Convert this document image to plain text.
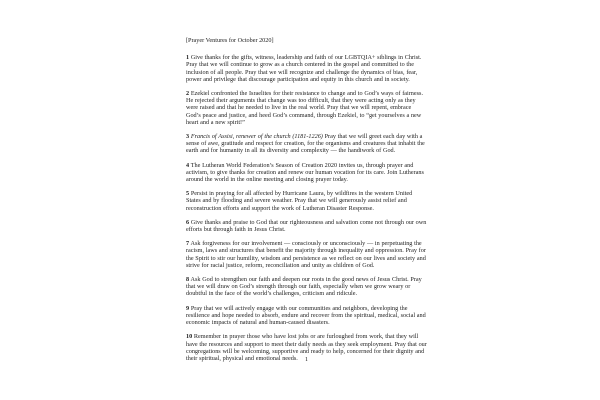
[Prayer Ventures for October 2020]

1 Give thanks for the gifts, witness, leadership and faith of our LGBTQIA+ siblings in Christ. Pray that we will continue to grow as a church centered in the gospel and committed to the inclusion of all people. Pray that we will recognize and challenge the dynamics of bias, fear, power and privilege that discourage participation and equity in this church and in society.

2 Ezekiel confronted the Israelites for their resistance to change and to God’s ways of fairness. He rejected their arguments that change was too difficult, that they were acting only as they were raised and that he needed to live in the real world. Pray that we will repent, embrace God’s peace and justice, and heed God’s command, through Ezekiel, to “get yourselves a new heart and a new spirit!”

3 Francis of Assisi, renewer of the church (1181-1226) Pray that we will greet each day with a sense of awe, gratitude and respect for creation, for the organisms and creatures that inhabit the earth and for humanity in all its diversity and complexity — the handiwork of God.

4 The Lutheran World Federation’s Season of Creation 2020 invites us, through prayer and activism, to give thanks for creation and renew our human vocation for its care. Join Lutherans around the world in the online meeting and closing prayer today.

5 Persist in praying for all affected by Hurricane Laura, by wildfires in the western United States and by flooding and severe weather. Pray that we will generously assist relief and reconstruction efforts and support the work of Lutheran Disaster Response.

6 Give thanks and praise to God that our righteousness and salvation come not through our own efforts but through faith in Jesus Christ.

7 Ask forgiveness for our involvement — consciously or unconsciously — in perpetuating the racism, laws and structures that benefit the majority through inequality and oppression. Pray for the Spirit to stir our humility, wisdom and persistence as we reflect on our lives and society and strive for racial justice, reform, reconciliation and unity as children of God.

8 Ask God to strengthen our faith and deepen our roots in the good news of Jesus Christ. Pray that we will draw on God’s strength through our faith, especially when we grow weary or doubtful in the face of the world’s challenges, criticism and ridicule.

9 Pray that we will actively engage with our communities and neighbors, developing the resilience and hope needed to absorb, endure and recover from the spiritual, medical, social and economic impacts of natural and human-caused disasters.

10 Remember in prayer those who have lost jobs or are furloughed from work, that they will have the resources and support to meet their daily needs as they seek employment. Pray that our congregations will be welcoming, supportive and ready to help, concerned for their dignity and their spiritual, physical and emotional needs.	1
